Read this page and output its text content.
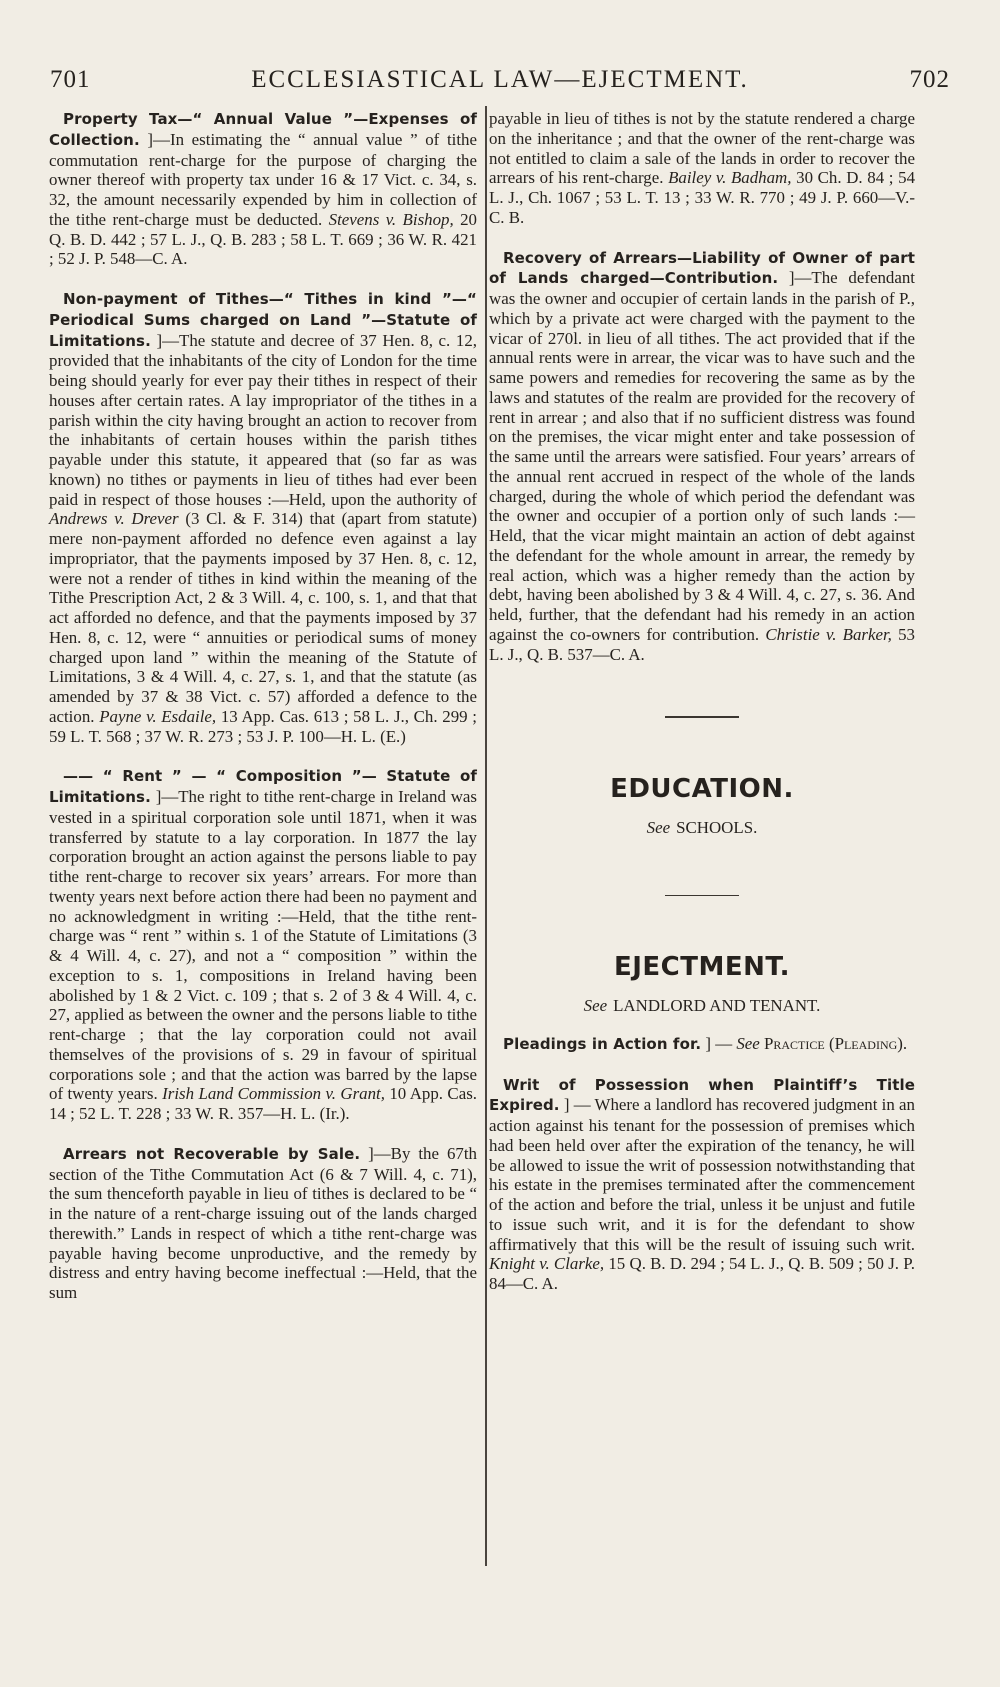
701	ECCLESIASTICAL LAW—EJECTMENT.	702

Property Tax—“ Annual Value ”—Expenses of Collection. ]—In estimating the “ annual value ” of tithe commutation rent-charge for the purpose of charging the owner thereof with property tax under 16 & 17 Vict. c. 34, s. 32, the amount necessarily expended by him in collection of the tithe rent-charge must be deducted. Stevens v. Bishop, 20 Q. B. D. 442 ; 57 L. J., Q. B. 283 ; 58 L. T. 669 ; 36 W. R. 421 ; 52 J. P. 548—C. A.

Non-payment of Tithes—“ Tithes in kind ”—“ Periodical Sums charged on Land ”—Statute of Limitations. ]—The statute and decree of 37 Hen. 8, c. 12, provided that the inhabitants of the city of London for the time being should yearly for ever pay their tithes in respect of their houses after certain rates. A lay impropriator of the tithes in a parish within the city having brought an action to recover from the inhabitants of certain houses within the parish tithes payable under this statute, it appeared that (so far as was known) no tithes or payments in lieu of tithes had ever been paid in respect of those houses :—Held, upon the authority of Andrews v. Drever (3 Cl. & F. 314) that (apart from statute) mere non-payment afforded no defence even against a lay impropriator, that the payments imposed by 37 Hen. 8, c. 12, were not a render of tithes in kind within the meaning of the Tithe Prescription Act, 2 & 3 Will. 4, c. 100, s. 1, and that that act afforded no defence, and that the payments imposed by 37 Hen. 8, c. 12, were “ annuities or periodical sums of money charged upon land ” within the meaning of the Statute of Limitations, 3 & 4 Will. 4, c. 27, s. 1, and that the statute (as amended by 37 & 38 Vict. c. 57) afforded a defence to the action. Payne v. Esdaile, 13 App. Cas. 613 ; 58 L. J., Ch. 299 ; 59 L. T. 568 ; 37 W. R. 273 ; 53 J. P. 100—H. L. (E.)

—— “ Rent ” — “ Composition ”— Statute of Limitations. ]—The right to tithe rent-charge in Ireland was vested in a spiritual corporation sole until 1871, when it was transferred by statute to a lay corporation. In 1877 the lay corporation brought an action against the persons liable to pay tithe rent-charge to recover six years’ arrears. For more than twenty years next before action there had been no payment and no acknowledgment in writing :—Held, that the tithe rent-charge was “ rent ” within s. 1 of the Statute of Limitations (3 & 4 Will. 4, c. 27), and not a “ composition ” within the exception to s. 1, compositions in Ireland having been abolished by 1 & 2 Vict. c. 109 ; that s. 2 of 3 & 4 Will. 4, c. 27, applied as between the owner and the persons liable to tithe rent-charge ; that the lay corporation could not avail themselves of the provisions of s. 29 in favour of spiritual corporations sole ; and that the action was barred by the lapse of twenty years. Irish Land Commission v. Grant, 10 App. Cas. 14 ; 52 L. T. 228 ; 33 W. R. 357—H. L. (Ir.).

Arrears not Recoverable by Sale. ]—By the 67th section of the Tithe Commutation Act (6 & 7 Will. 4, c. 71), the sum thenceforth payable in lieu of tithes is declared to be “ in the nature of a rent-charge issuing out of the lands charged therewith.” Lands in respect of which a tithe rent-charge was payable having become unproductive, and the remedy by distress and entry having become ineffectual :—Held, that the sum

payable in lieu of tithes is not by the statute rendered a charge on the inheritance ; and that the owner of the rent-charge was not entitled to claim a sale of the lands in order to recover the arrears of his rent-charge. Bailey v. Badham, 30 Ch. D. 84 ; 54 L. J., Ch. 1067 ; 53 L. T. 13 ; 33 W. R. 770 ; 49 J. P. 660—V.-C. B.

Recovery of Arrears—Liability of Owner of part of Lands charged—Contribution. ]—The defendant was the owner and occupier of certain lands in the parish of P., which by a private act were charged with the payment to the vicar of 270l. in lieu of all tithes. The act provided that if the annual rents were in arrear, the vicar was to have such and the same powers and remedies for recovering the same as by the laws and statutes of the realm are provided for the recovery of rent in arrear ; and also that if no sufficient distress was found on the premises, the vicar might enter and take possession of the same until the arrears were satisfied. Four years’ arrears of the annual rent accrued in respect of the whole of the lands charged, during the whole of which period the defendant was the owner and occupier of a portion only of such lands :—Held, that the vicar might maintain an action of debt against the defendant for the whole amount in arrear, the remedy by real action, which was a higher remedy than the action by debt, having been abolished by 3 & 4 Will. 4, c. 27, s. 36. And held, further, that the defendant had his remedy in an action against the co-owners for contribution. Christie v. Barker, 53 L. J., Q. B. 537—C. A.

EDUCATION.

See SCHOOLS.

EJECTMENT.

See LANDLORD AND TENANT.

Pleadings in Action for. ] — See Practice (Pleading).

Writ of Possession when Plaintiff’s Title Expired. ] — Where a landlord has recovered judgment in an action against his tenant for the possession of premises which had been held over after the expiration of the tenancy, he will be allowed to issue the writ of possession notwithstanding that his estate in the premises terminated after the commencement of the action and before the trial, unless it be unjust and futile to issue such writ, and it is for the defendant to show affirmatively that this will be the result of issuing such writ. Knight v. Clarke, 15 Q. B. D. 294 ; 54 L. J., Q. B. 509 ; 50 J. P. 84—C. A.
